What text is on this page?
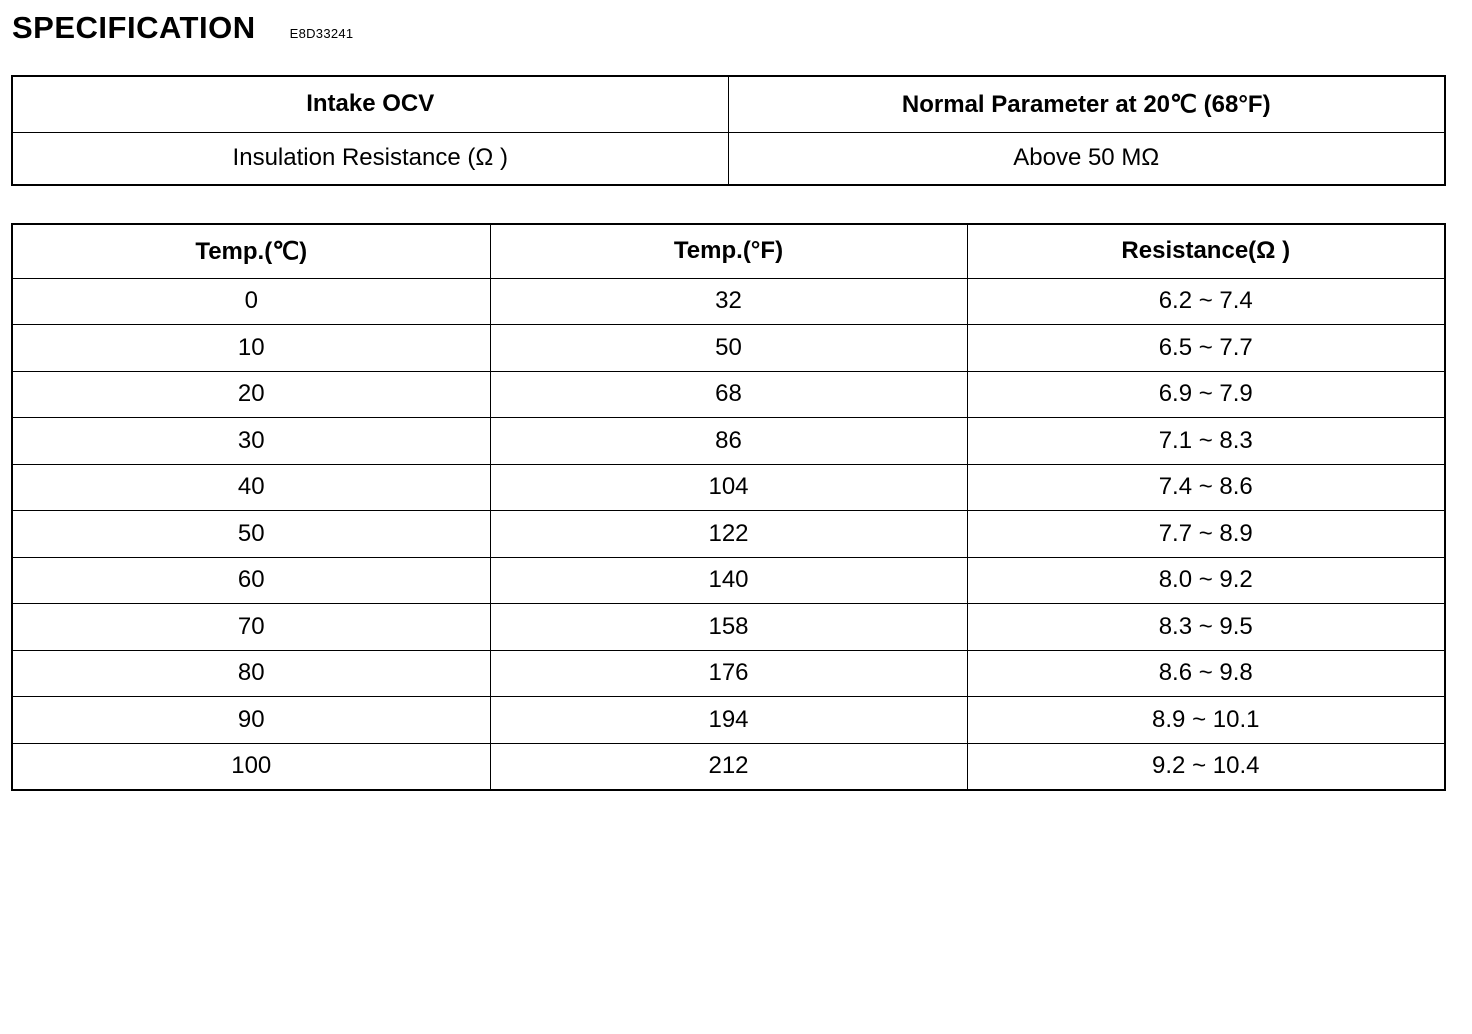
SPECIFICATION	E8D33241
Intake OCV	Normal Parameter at 20℃ (68°F)
Insulation Resistance (Ω )	Above 50 MΩ
Temp.(℃)	Temp.(°F)	Resistance(Ω )
0	32	6.2 ~ 7.4
10	50	6.5 ~ 7.7
20	68	6.9 ~ 7.9
30	86	7.1 ~ 8.3
40	104	7.4 ~ 8.6
50	122	7.7 ~ 8.9
60	140	8.0 ~ 9.2
70	158	8.3 ~ 9.5
80	176	8.6 ~ 9.8
90	194	8.9 ~ 10.1
100	212	9.2 ~ 10.4
